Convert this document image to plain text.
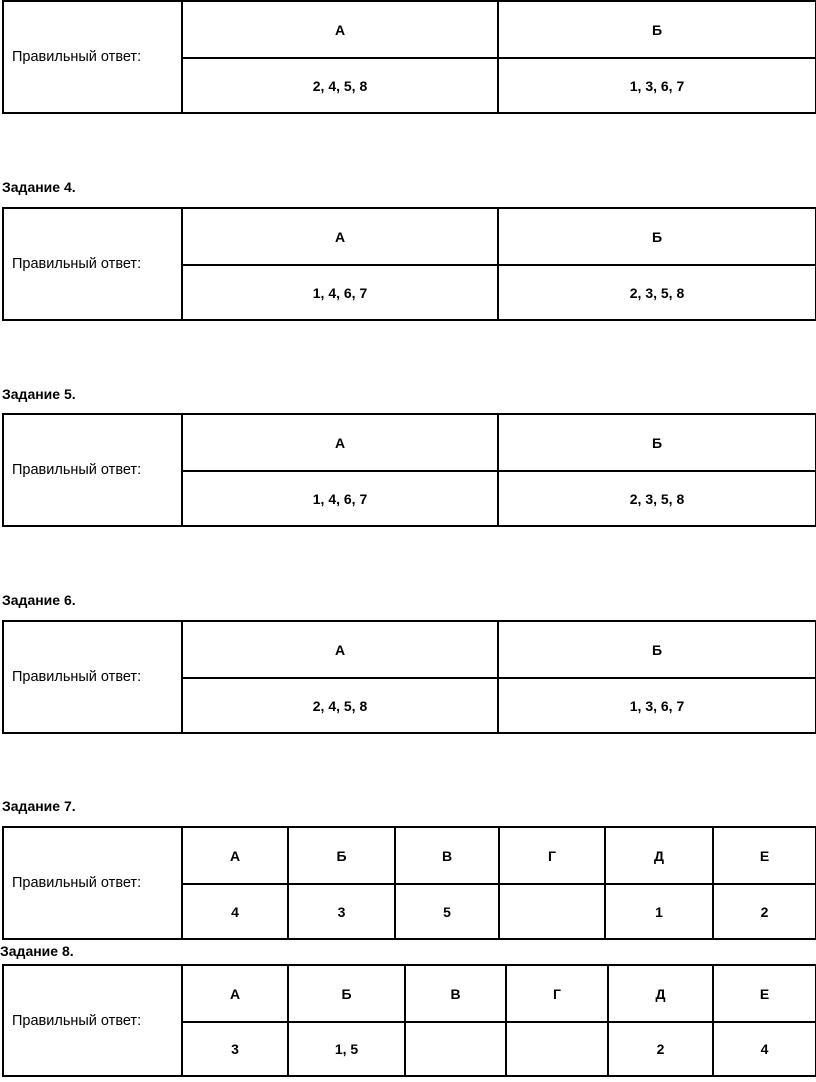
Правильный ответ:	А	Б
	2, 4, 5, 8	1, 3, 6, 7
Задание 4.
Правильный ответ:	А	Б
	1, 4, 6, 7	2, 3, 5, 8
Задание 5.
Правильный ответ:	А	Б
	1, 4, 6, 7	2, 3, 5, 8
Задание 6.
Правильный ответ:	А	Б
	2, 4, 5, 8	1, 3, 6, 7
Задание 7.
Правильный ответ:	А	Б	В	Г	Д	Е
	4	3	5		1	2
Задание 8.
Правильный ответ:	А	Б	В	Г	Д	Е
	3	1, 5			2	4
